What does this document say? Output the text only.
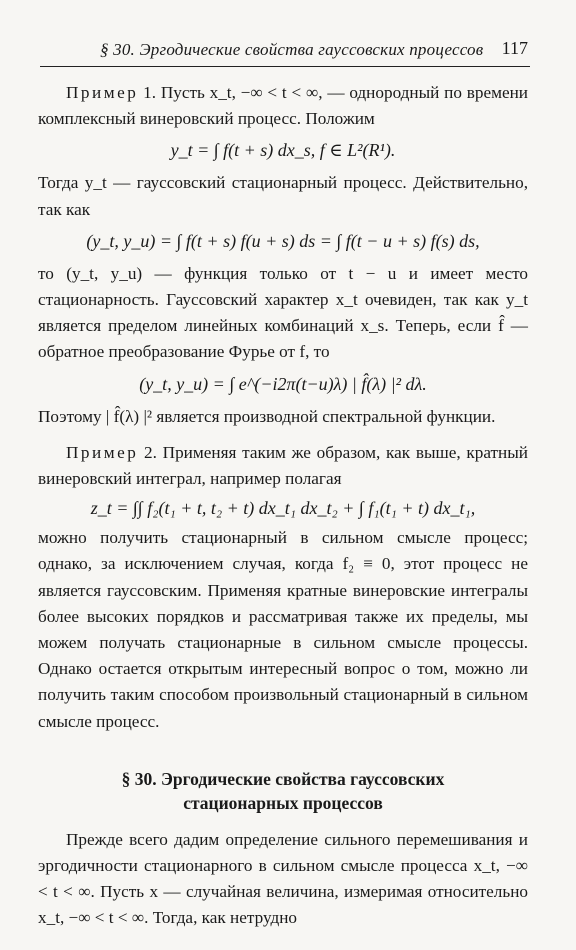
§ 30. Эргодические свойства гауссовских процессов 117

Пример 1. Пусть x_t, −∞ < t < ∞, — однородный по времени комплексный винеровский процесс. Положим

y_t = ∫ f(t + s) dx_s, f ∈ L²(R¹).

Тогда y_t — гауссовский стационарный процесс. Действительно, так как

(y_t, y_u) = ∫ f(t + s) f(u + s) ds = ∫ f(t − u + s) f(s) ds,

то (y_t, y_u) — функция только от t − u и имеет место стационарность. Гауссовский характер x_t очевиден, так как y_t является пределом линейных комбинаций x_s. Теперь, если f̂ — обратное преобразование Фурье от f, то

(y_t, y_u) = ∫ e^(−i2π(t−u)λ) | f̂(λ) |² dλ.

Поэтому | f̂(λ) |² является производной спектральной функции.

Пример 2. Применяя таким же образом, как выше, кратный винеровский интеграл, например полагая

z_t = ∫∫ f₂(t₁ + t, t₂ + t) dx_t₁ dx_t₂ + ∫ f₁(t₁ + t) dx_t₁,

можно получить стационарный в сильном смысле процесс; однако, за исключением случая, когда f₂ ≡ 0, этот процесс не является гауссовским. Применяя кратные винеровские интегралы более высоких порядков и рассматривая также их пределы, мы можем получать стационарные в сильном смысле процессы. Однако остается открытым интересный вопрос о том, можно ли получить таким способом произвольный стационарный в сильном смысле процесс.

§ 30. Эргодические свойства гауссовских
стационарных процессов

Прежде всего дадим определение сильного перемешивания и эргодичности стационарного в сильном смысле процесса x_t, −∞ < t < ∞. Пусть x — случайная величина, измеримая относительно x_t, −∞ < t < ∞. Тогда, как нетрудно
